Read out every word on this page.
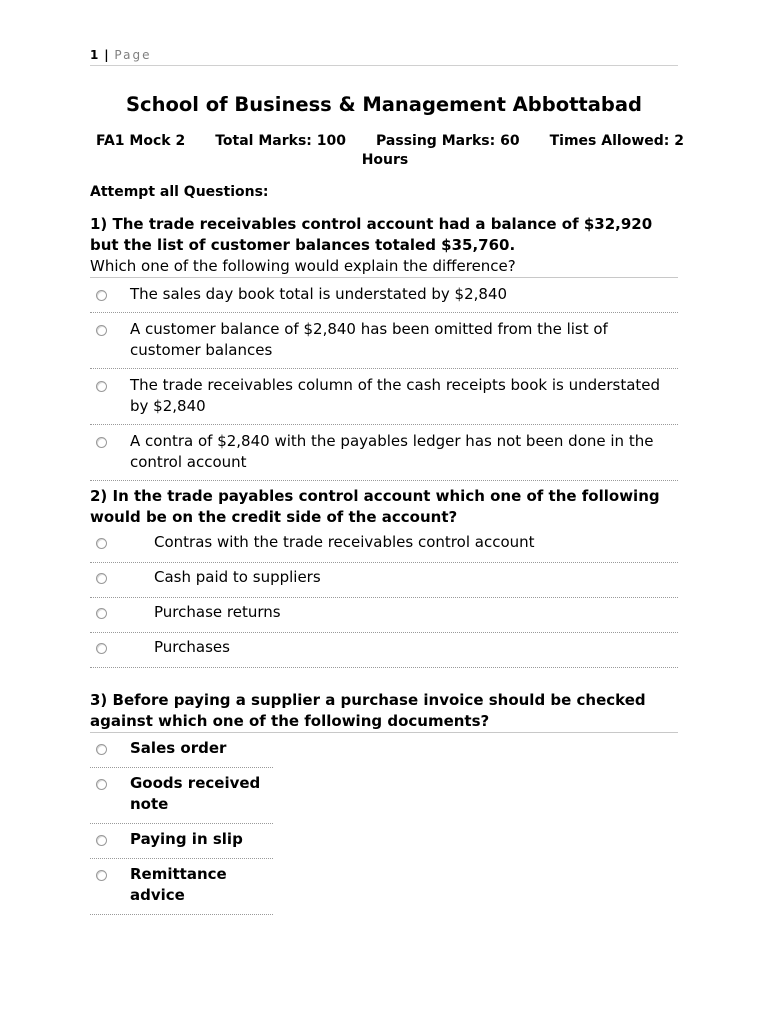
1 | Page
School of Business & Management Abbottabad
FA1 Mock 2 Total Marks: 100 Passing Marks: 60 Times Allowed: 2
Hours
Attempt all Questions:
1) The trade receivables control account had a balance of $32,920 but the list of customer balances totaled $35,760.
Which one of the following would explain the difference?
The sales day book total is understated by $2,840
A customer balance of $2,840 has been omitted from the list of customer balances
The trade receivables column of the cash receipts book is understated by $2,840
A contra of $2,840 with the payables ledger has not been done in the control account
2) In the trade payables control account which one of the following would be on the credit side of the account?
Contras with the trade receivables control account
Cash paid to suppliers
Purchase returns
Purchases
3) Before paying a supplier a purchase invoice should be checked against which one of the following documents?
Sales order
Goods received note
Paying in slip
Remittance advice
